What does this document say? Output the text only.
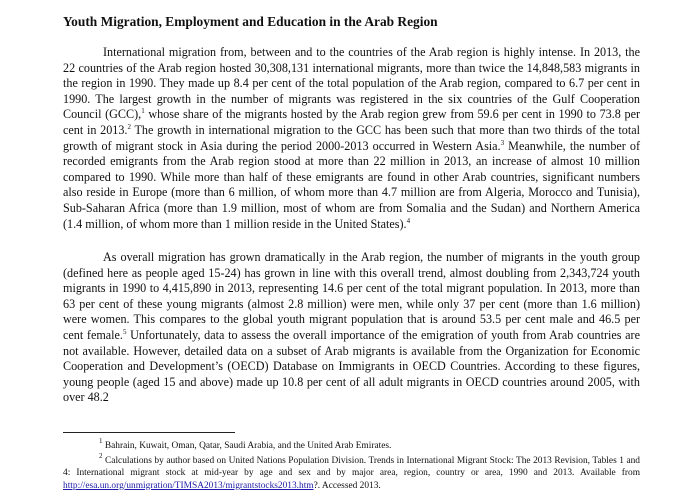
Youth Migration, Employment and Education in the Arab Region

International migration from, between and to the countries of the Arab region is highly intense. In 2013, the 22 countries of the Arab region hosted 30,308,131 international migrants, more than twice the 14,848,583 migrants in the region in 1990. They made up 8.4 per cent of the total population of the Arab region, compared to 6.7 per cent in 1990. The largest growth in the number of migrants was registered in the six countries of the Gulf Cooperation Council (GCC),$^1$ whose share of the migrants hosted by the Arab region grew from 59.6 per cent in 1990 to 73.8 per cent in 2013.$^2$ The growth in international migration to the GCC has been such that more than two thirds of the total growth of migrant stock in Asia during the period 2000-2013 occurred in Western Asia.$^3$ Meanwhile, the number of recorded emigrants from the Arab region stood at more than 22 million in 2013, an increase of almost 10 million compared to 1990. While more than half of these emigrants are found in other Arab countries, significant numbers also reside in Europe (more than 6 million, of whom more than 4.7 million are from Algeria, Morocco and Tunisia), Sub-Saharan Africa (more than 1.9 million, most of whom are from Somalia and the Sudan) and Northern America (1.4 million, of whom more than 1 million reside in the United States).$^4$

As overall migration has grown dramatically in the Arab region, the number of migrants in the youth group (defined here as people aged 15-24) has grown in line with this overall trend, almost doubling from 2,343,724 youth migrants in 1990 to 4,415,890 in 2013, representing 14.6 per cent of the total migrant population. In 2013, more than 63 per cent of these young migrants (almost 2.8 million) were men, while only 37 per cent (more than 1.6 million) were women. This compares to the global youth migrant population that is around 53.5 per cent male and 46.5 per cent female.$^5$ Unfortunately, data to assess the overall importance of the emigration of youth from Arab countries are not available. However, detailed data on a subset of Arab migrants is available from the Organization for Economic Cooperation and Development’s (OECD) Database on Immigrants in OECD Countries. According to these figures, young people (aged 15 and above) made up 10.8 per cent of all adult migrants in OECD countries around 2005, with over 48.2

$^1$ Bahrain, Kuwait, Oman, Qatar, Saudi Arabia, and the United Arab Emirates.
$^2$ Calculations by author based on United Nations Population Division. Trends in International Migrant Stock: The 2013 Revision, Tables 1 and 4: International migrant stock at mid-year by age and sex and by major area, region, country or area, 1990 and 2013. Available from http://esa.un.org/unmigration/TIMSA2013/migrantstocks2013.htm?. Accessed 2013.
